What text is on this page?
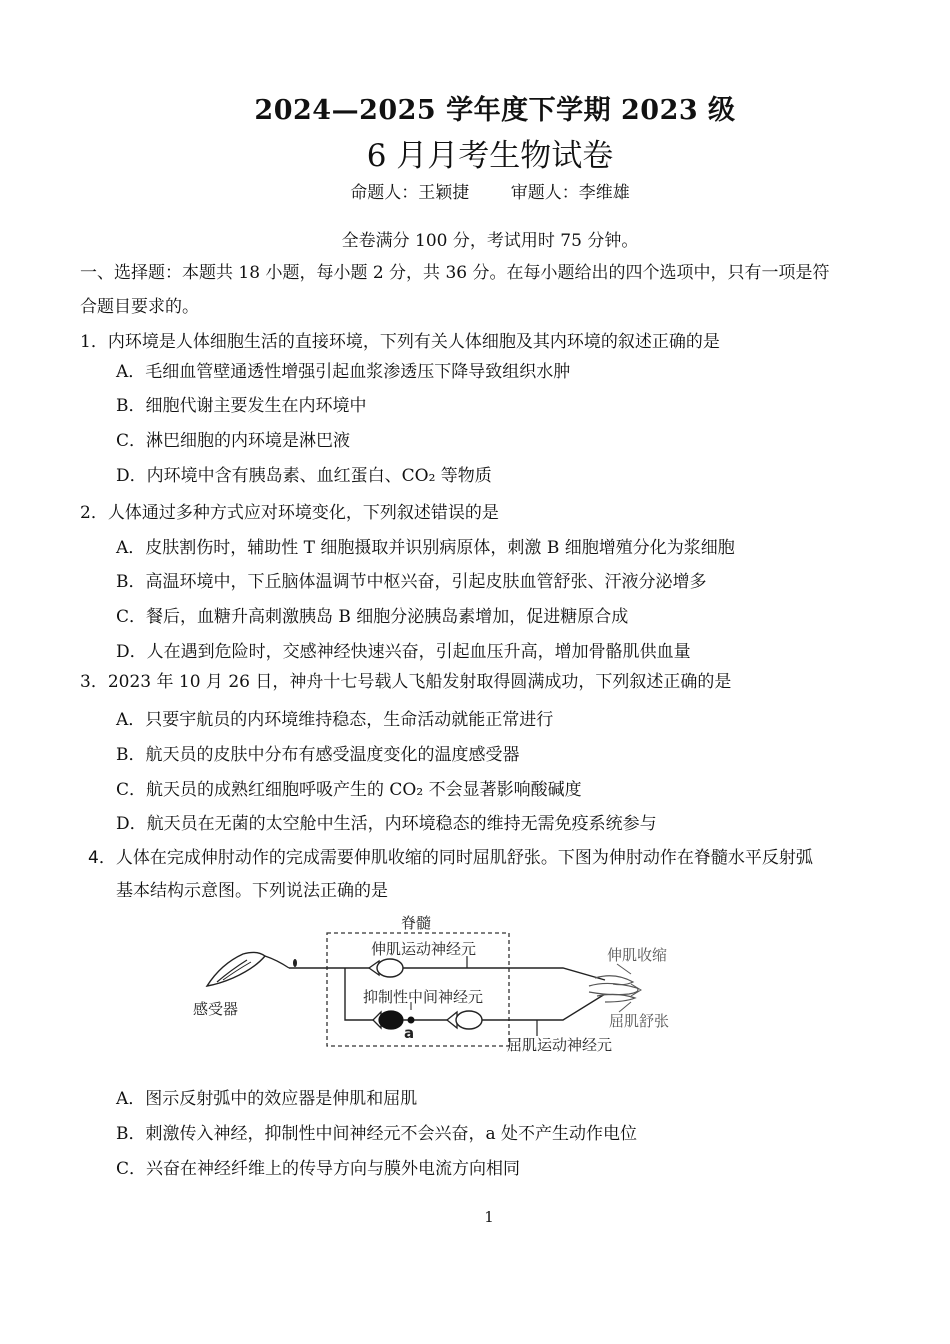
2024—2025 学年度下学期 2023 级
6 月月考生物试卷
命题人：王颖捷 审题人：李维雄
全卷满分 100 分，考试用时 75 分钟。
一、选择题：本题共 18 小题，每小题 2 分，共 36 分。在每小题给出的四个选项中，只有一项是符
合题目要求的。
1．内环境是人体细胞生活的直接环境，下列有关人体细胞及其内环境的叙述正确的是
A．毛细血管壁通透性增强引起血浆渗透压下降导致组织水肿
B．细胞代谢主要发生在内环境中
C．淋巴细胞的内环境是淋巴液
D．内环境中含有胰岛素、血红蛋白、CO₂ 等物质
2．人体通过多种方式应对环境变化，下列叙述错误的是
A．皮肤割伤时，辅助性 T 细胞摄取并识别病原体，刺激 B 细胞增殖分化为浆细胞
B．高温环境中，下丘脑体温调节中枢兴奋，引起皮肤血管舒张、汗液分泌增多
C．餐后，血糖升高刺激胰岛 B 细胞分泌胰岛素增加，促进糖原合成
D．人在遇到危险时，交感神经快速兴奋，引起血压升高，增加骨骼肌供血量
3．2023 年 10 月 26 日，神舟十七号载人飞船发射取得圆满成功，下列叙述正确的是
A．只要宇航员的内环境维持稳态，生命活动就能正常进行
B．航天员的皮肤中分布有感受温度变化的温度感受器
C．航天员的成熟红细胞呼吸产生的 CO₂ 不会显著影响酸碱度
D．航天员在无菌的太空舱中生活，内环境稳态的维持无需免疫系统参与
4．人体在完成伸肘动作的完成需要伸肌收缩的同时屈肌舒张。下图为伸肘动作在脊髓水平反射弧
基本结构示意图。下列说法正确的是
脊髓
感受器
伸肌运动神经元
抑制性中间神经元
a
屈肌运动神经元
伸肌收缩
屈肌舒张
A．图示反射弧中的效应器是伸肌和屈肌
B．刺激传入神经，抑制性中间神经元不会兴奋，a 处不产生动作电位
C．兴奋在神经纤维上的传导方向与膜外电流方向相同
1
